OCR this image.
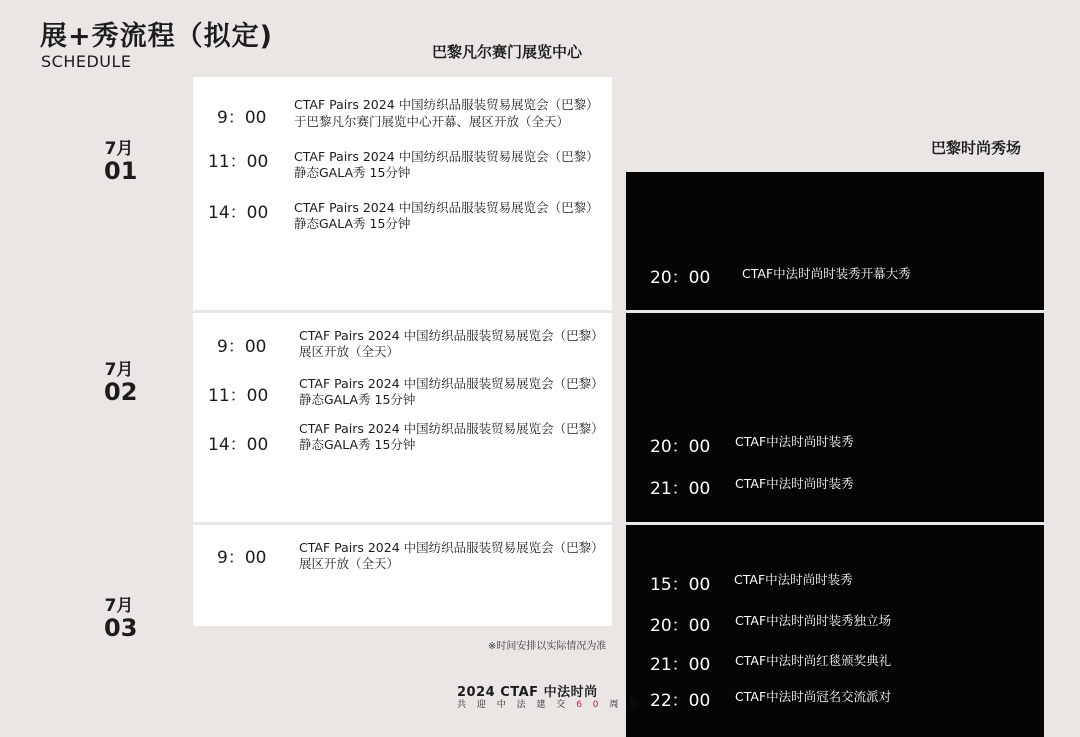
展+秀流程（拟定)
SCHEDULE	巴黎凡尔赛门展览中心
巴黎时尚秀场
7月
01
7月
02
7月
03
9：00
CTAF Pairs 2024 中国纺织品服装贸易展览会（巴黎）
于巴黎凡尔赛门展览中心开幕、展区开放（全天）
11：00 CTAF Pairs 2024 中国纺织品服装贸易展览会（巴黎）
静态GALA秀 15分钟
14：00 CTAF Pairs 2024 中国纺织品服装贸易展览会（巴黎）
静态GALA秀 15分钟
9：00
CTAF Pairs 2024 中国纺织品服装贸易展览会（巴黎）
展区开放（全天）
11：00
CTAF Pairs 2024 中国纺织品服装贸易展览会（巴黎）
静态GALA秀 15分钟
14：00
CTAF Pairs 2024 中国纺织品服装贸易展览会（巴黎）
静态GALA秀 15分钟
9：00
CTAF Pairs 2024 中国纺织品服装贸易展览会（巴黎）
展区开放（全天）
20：00	CTAF中法时尚时装秀开幕大秀
20：00 CTAF中法时尚时装秀
21：00 CTAF中法时尚时装秀
15：00 CTAF中法时尚时装秀
20：00 CTAF中法时尚时装秀独立场
21：00 CTAF中法时尚红毯颁奖典礼
22：00 CTAF中法时尚冠名交流派对
※时间安排以实际情况为准
2024 CTAF 中法时尚
共 迎 中 法 建 交 6 0 周 年
